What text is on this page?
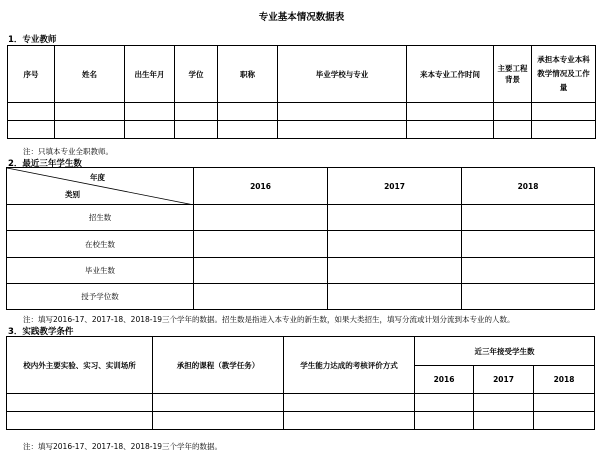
专业基本情况数据表
1．专业教师
序号	姓名	出生年月	学位	职称	毕业学校与专业	来本专业工作时间	主要工程背景	承担本专业本科教学情况及工作量

注：只填本专业全职教师。
2．最近三年学生数
年度
类别	2016	2017	2018
招生数			
在校生数			
毕业生数			
授予学位数			
注：填写2016-17、2017-18、2018-19三个学年的数据。招生数是指进入本专业的新生数，如果大类招生，填写分流或计划分流到本专业的人数。
3．实践教学条件
校内外主要实验、实习、实训场所	承担的课程（教学任务）	学生能力达成的考核评价方式	近三年接受学生数		
			2016	2017	2018

注：填写2016-17、2017-18、2018-19三个学年的数据。
